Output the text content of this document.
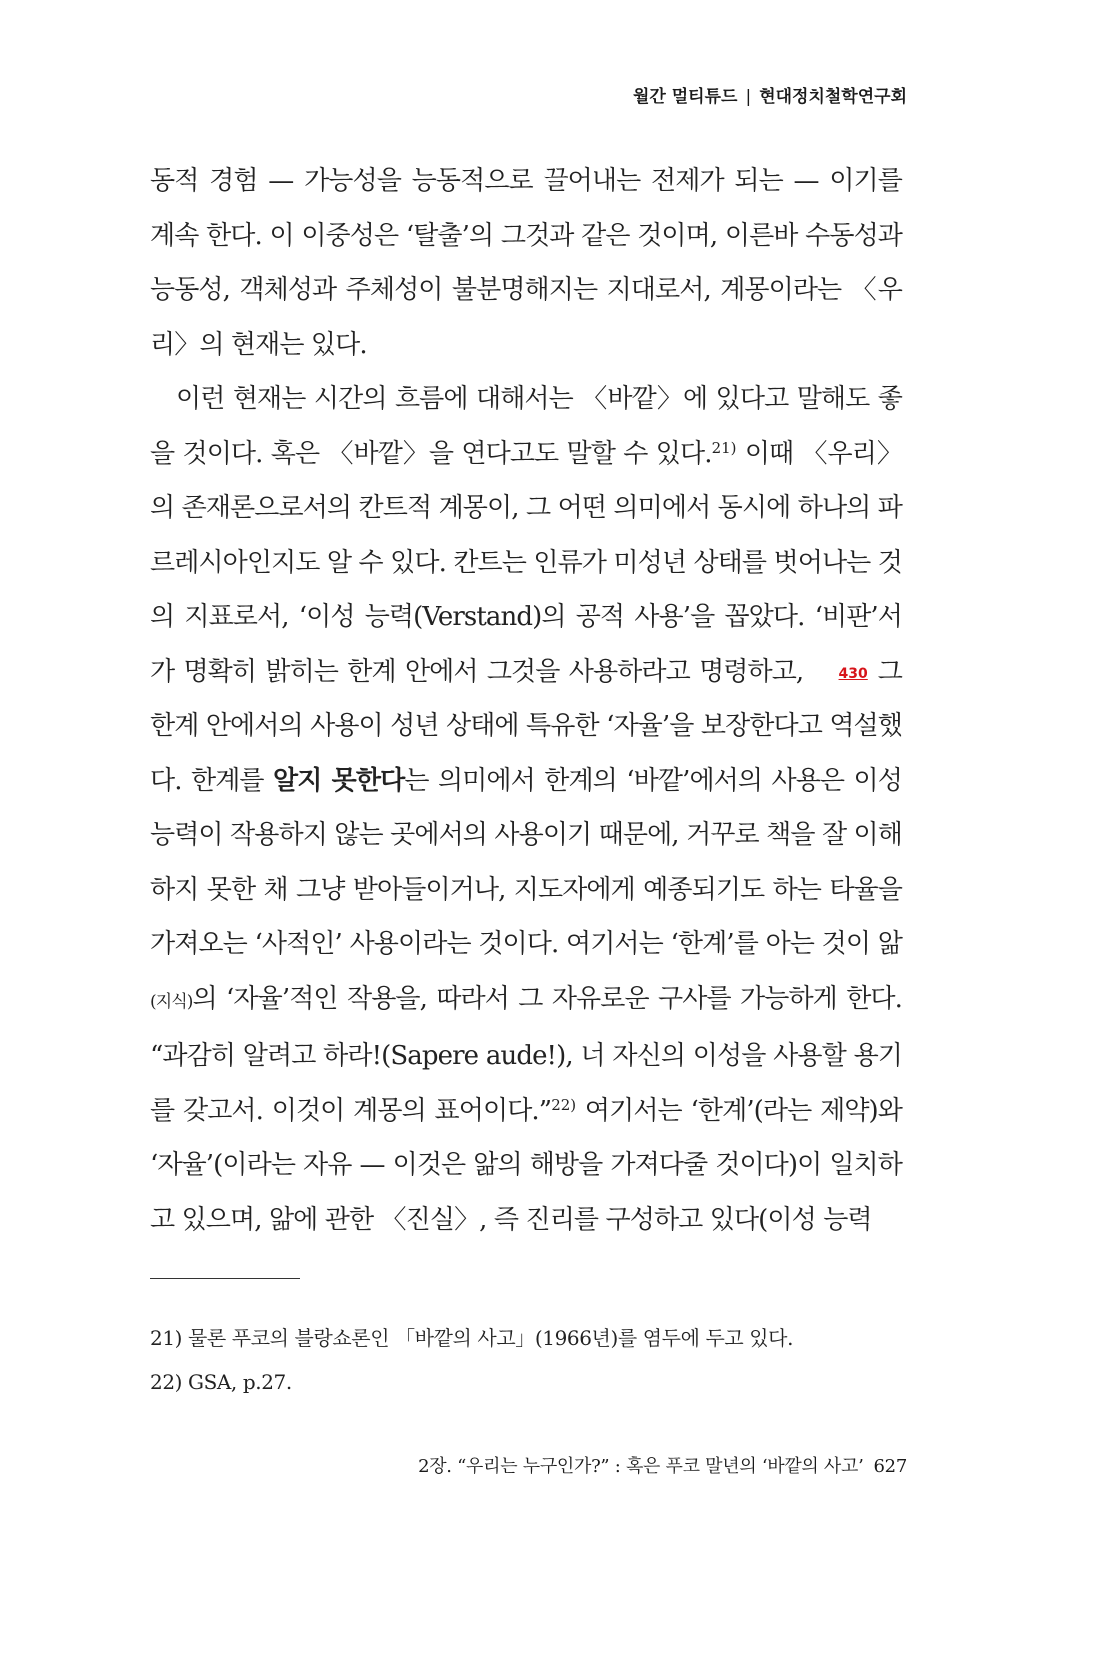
월간 멀티튜드 | 현대정치철학연구회

동적 경험 — 가능성을 능동적으로 끌어내는 전제가 되는 — 이기를 계속 한다. 이 이중성은 ‘탈출’의 그것과 같은 것이며, 이른바 수동성과 능동성, 객체성과 주체성이 불분명해지는 지대로서, 계몽이라는 〈우리〉의 현재는 있다.

이런 현재는 시간의 흐름에 대해서는 〈바깥〉에 있다고 말해도 좋을 것이다. 혹은 〈바깥〉을 연다고도 말할 수 있다.$^{21)}$ 이때 〈우리〉의 존재론으로서의 칸트적 계몽이, 그 어떤 의미에서 동시에 하나의 파르레시아인지도 알 수 있다. 칸트는 인류가 미성년 상태를 벗어나는 것의 지표로서, ‘이성 능력(Verstand)의 공적 사용’을 꼽았다. ‘비판’서가 명확히 밝히는 한계 안에서 그것을 사용하라고 명령하고, 430 그 한계 안에서의 사용이 성년 상태에 특유한 ‘자율’을 보장한다고 역설했다. 한계를 알지 못한다는 의미에서 한계의 ‘바깥’에서의 사용은 이성 능력이 작용하지 않는 곳에서의 사용이기 때문에, 거꾸로 책을 잘 이해하지 못한 채 그냥 받아들이거나, 지도자에게 예종되기도 하는 타율을 가져오는 ‘사적인’ 사용이라는 것이다. 여기서는 ‘한계’를 아는 것이 앎(지식)의 ‘자율’적인 작용을, 따라서 그 자유로운 구사를 가능하게 한다. “과감히 알려고 하라!(Sapere aude!), 너 자신의 이성을 사용할 용기를 갖고서. 이것이 계몽의 표어이다.”$^{22)}$ 여기서는 ‘한계’(라는 제약)와 ‘자율’(이라는 자유 — 이것은 앎의 해방을 가져다줄 것이다)이 일치하고 있으며, 앎에 관한 〈진실〉, 즉 진리를 구성하고 있다(이성 능력

21) 물론 푸코의 블랑쇼론인 「바깥의 사고」(1966년)를 염두에 두고 있다.

22) GSA, p.27.

2장. “우리는 누구인가?” : 혹은 푸코 말년의 ‘바깥의 사고’ 627
